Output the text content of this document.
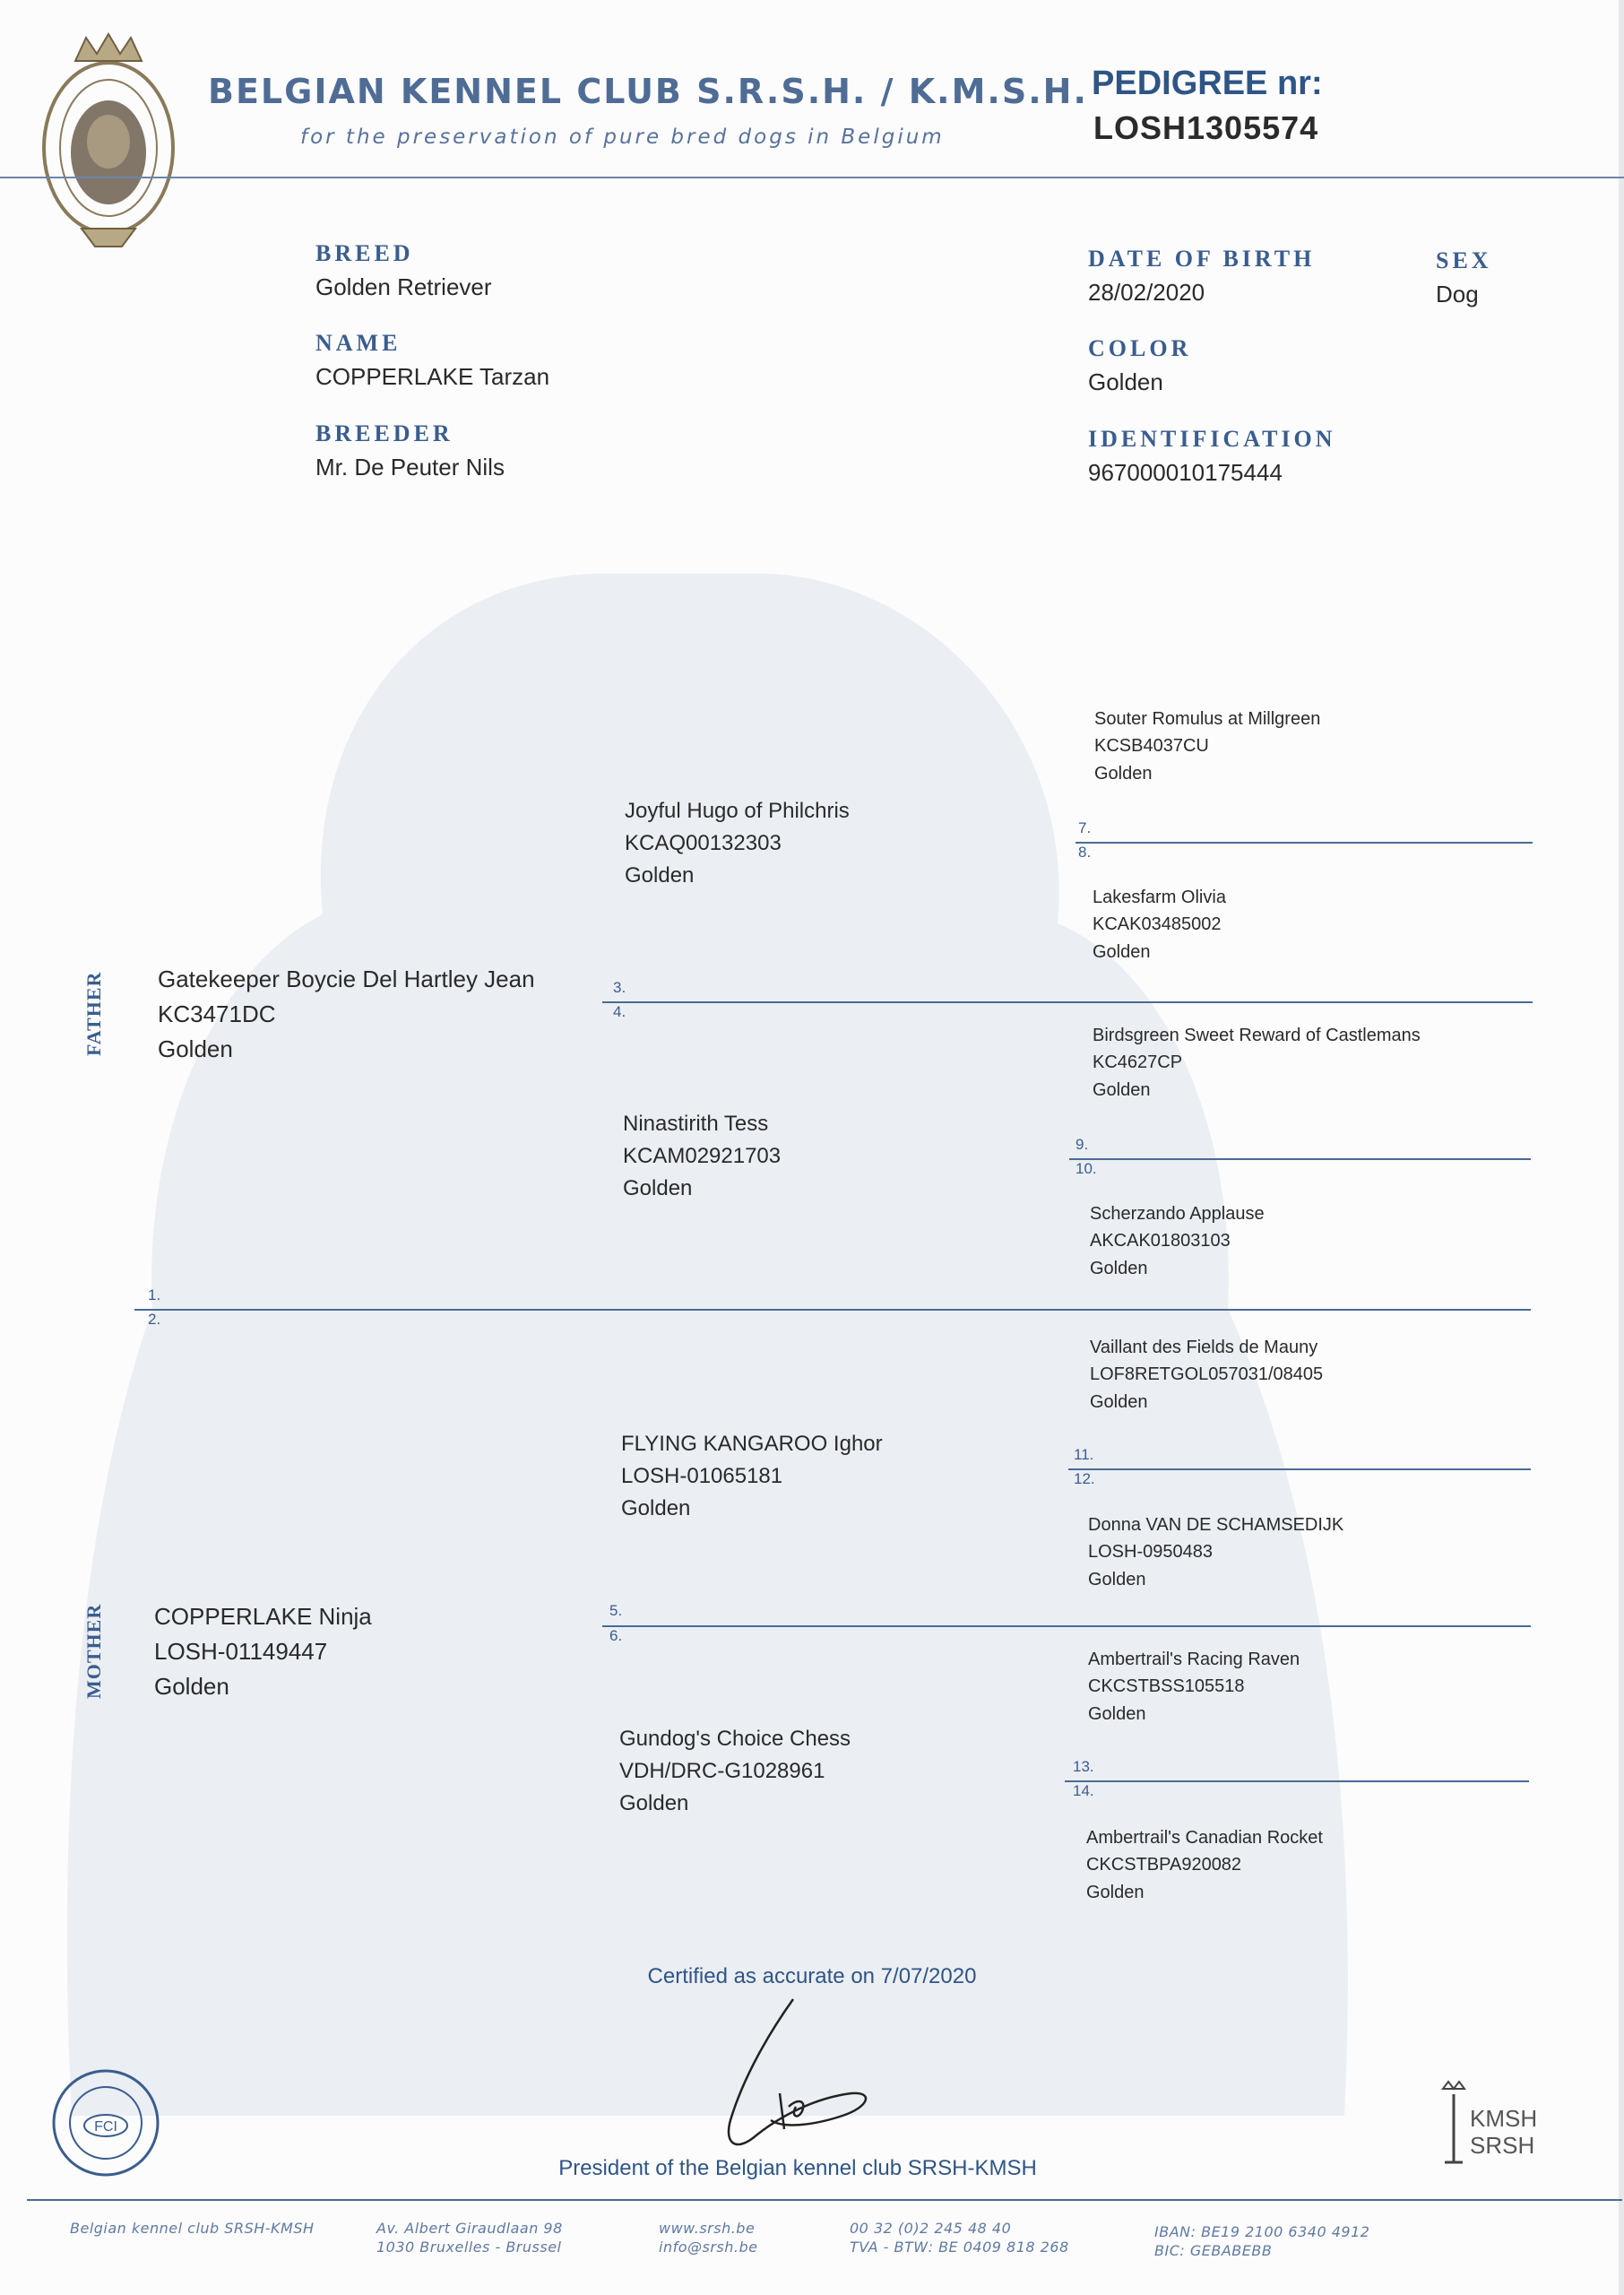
BELGIAN KENNEL CLUB S.R.S.H. / K.M.S.H.
for the preservation of pure bred dogs in Belgium
PEDIGREE nr:
LOSH1305574
BREED
Golden Retriever
NAME
COPPERLAKE Tarzan
BREEDER
Mr. De Peuter Nils
DATE OF BIRTH
28/02/2020
SEX
Dog
COLOR
Golden
IDENTIFICATION
967000010175444
FATHER
MOTHER
1.
2.
3.
4.
5.
6.
7.
8.
9.
10.
11.
12.
13.
14.
Gatekeeper Boycie Del Hartley Jean
KC3471DC
Golden
COPPERLAKE Ninja
LOSH-01149447
Golden
Joyful Hugo of Philchris
KCAQ00132303
Golden
Ninastirith Tess
KCAM02921703
Golden
FLYING KANGAROO Ighor
LOSH-01065181
Golden
Gundog's Choice Chess
VDH/DRC-G1028961
Golden
Souter Romulus at Millgreen
KCSB4037CU
Golden
Lakesfarm Olivia
KCAK03485002
Golden
Birdsgreen Sweet Reward of Castlemans
KC4627CP
Golden
Scherzando Applause
AKCAK01803103
Golden
Vaillant des Fields de Mauny
LOF8RETGOL057031/08405
Golden
Donna VAN DE SCHAMSEDIJK
LOSH-0950483
Golden
Ambertrail's Racing Raven
CKCSTBSS105518
Golden
Ambertrail's Canadian Rocket
CKCSTBPA920082
Golden
Certified as accurate on 7/07/2020
President of the Belgian kennel club SRSH-KMSH
FCI	KMSH
SRSH
Belgian kennel club SRSH-KMSH	Av. Albert Giraudlaan 98
1030 Bruxelles - Brussel
www.srsh.be
info@srsh.be
00 32 (0)2 245 48 40
TVA - BTW: BE 0409 818 268
IBAN: BE19 2100 6340 4912
BIC: GEBABEBB
